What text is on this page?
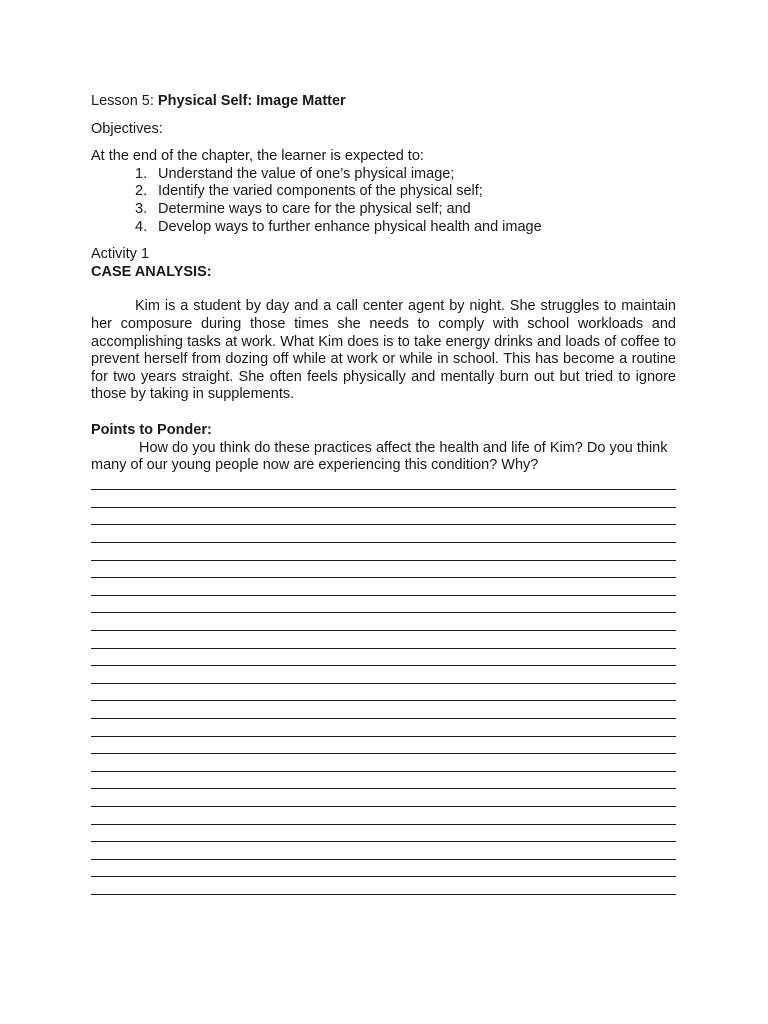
Lesson 5: Physical Self: Image Matter
Objectives:
At the end of the chapter, the learner is expected to:
1. Understand the value of one’s physical image;
2. Identify the varied components of the physical self;
3. Determine ways to care for the physical self; and
4. Develop ways to further enhance physical health and image
Activity 1
CASE ANALYSIS:

Kim is a student by day and a call center agent by night. She struggles to maintain her composure during those times she needs to comply with school workloads and accomplishing tasks at work. What Kim does is to take energy drinks and loads of coffee to prevent herself from dozing off while at work or while in school. This has become a routine for two years straight. She often feels physically and mentally burn out but tried to ignore those by taking in supplements.

Points to Ponder:
How do you think do these practices affect the health and life of Kim? Do you think many of our young people now are experiencing this condition? Why?
